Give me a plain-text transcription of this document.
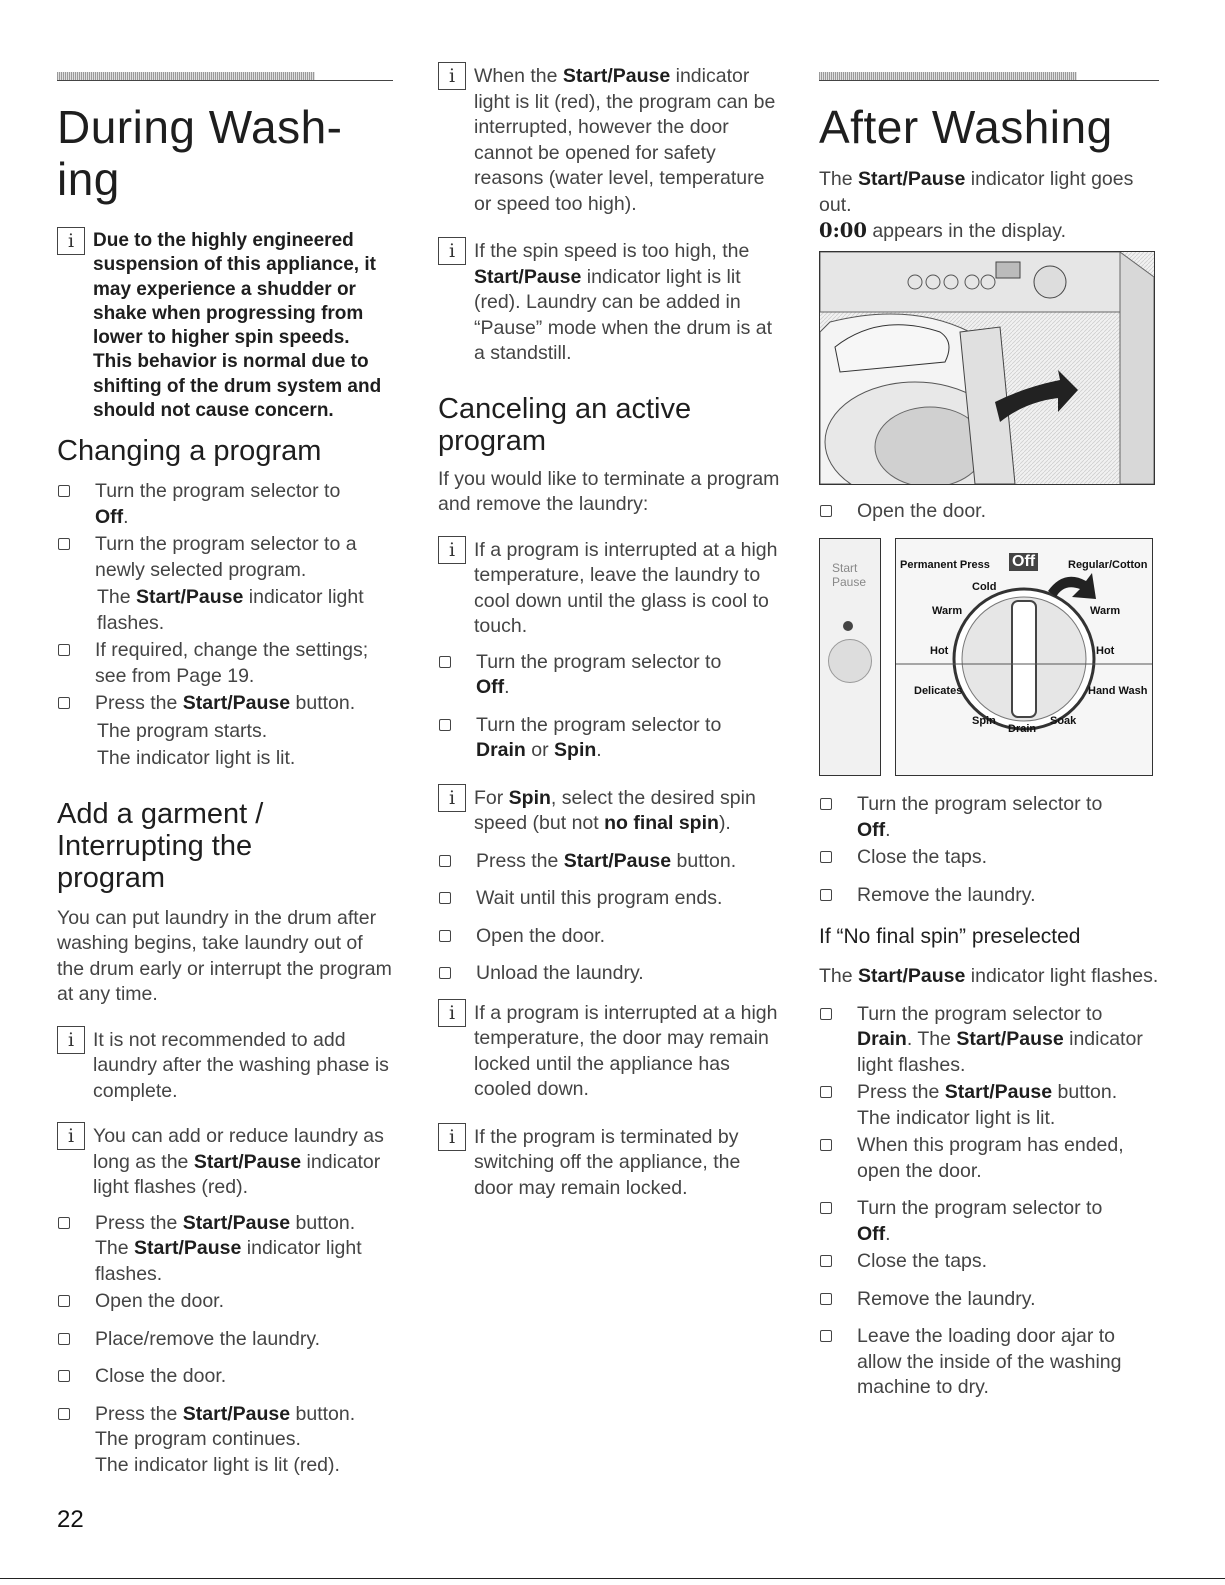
During Wash-
ing
i Due to the highly engineered suspension of this appliance, it may experience a shudder or shake when progressing from lower to higher spin speeds. This behavior is normal due to shifting of the drum system and should not cause concern.
Changing a program

Turn the program selector to
Off.

Turn the program selector to a newly selected program.

The Start/Pause indicator light flashes.

If required, change the settings; see from Page 19.

Press the Start/Pause button.

The program starts.

The indicator light is lit.

Add a garment /
Interrupting the
program

You can put laundry in the drum after washing begins, take laundry out of the drum early or interrupt the program at any time.

i It is not recommended to add laundry after the washing phase is complete.

i You can add or reduce laundry as long as the Start/Pause indicator light flashes (red).

Press the Start/Pause button.
The Start/Pause indicator light flashes.

Open the door.

Place/remove the laundry.

Close the door.

Press the Start/Pause button.
The program continues.
The indicator light is lit (red).

i When the Start/Pause indicator light is lit (red), the program can be interrupted, however the door cannot be opened for safety reasons (water level, temperature or speed too high).

i If the spin speed is too high, the Start/Pause indicator light is lit (red). Laundry can be added in “Pause” mode when the drum is at a standstill.

Canceling an active
program

If you would like to terminate a program and remove the laundry:

i If a program is interrupted at a high temperature, leave the laundry to cool down until the glass is cool to touch.

Turn the program selector to
Off.

Turn the program selector to
Drain or Spin.

i For Spin, select the desired spin speed (but not no final spin).

Press the Start/Pause button.

Wait until this program ends.

Open the door.

Unload the laundry.

i If a program is interrupted at a high temperature, the door may remain locked until the appliance has cooled down.

i If the program is terminated by switching off the appliance, the door may remain locked.

After Washing

The Start/Pause indicator light goes out.

0:00 appears in the display.

Open the door.

Start
Pause
Permanent Press Off	Regular/Cotton
Cold
Warm	Warm
Hot	Hot
Delicates	Hand Wash
Spin
Drain
Soak

Turn the program selector to
Off.

Close the taps.

Remove the laundry.

If “No final spin” preselected

The Start/Pause indicator light flashes.

Turn the program selector to Drain. The Start/Pause indicator light flashes.

Press the Start/Pause button.
The indicator light is lit.

When this program has ended, open the door.

Turn the program selector to
Off.

Close the taps.

Remove the laundry.

Leave the loading door ajar to allow the inside of the washing machine to dry.

22
